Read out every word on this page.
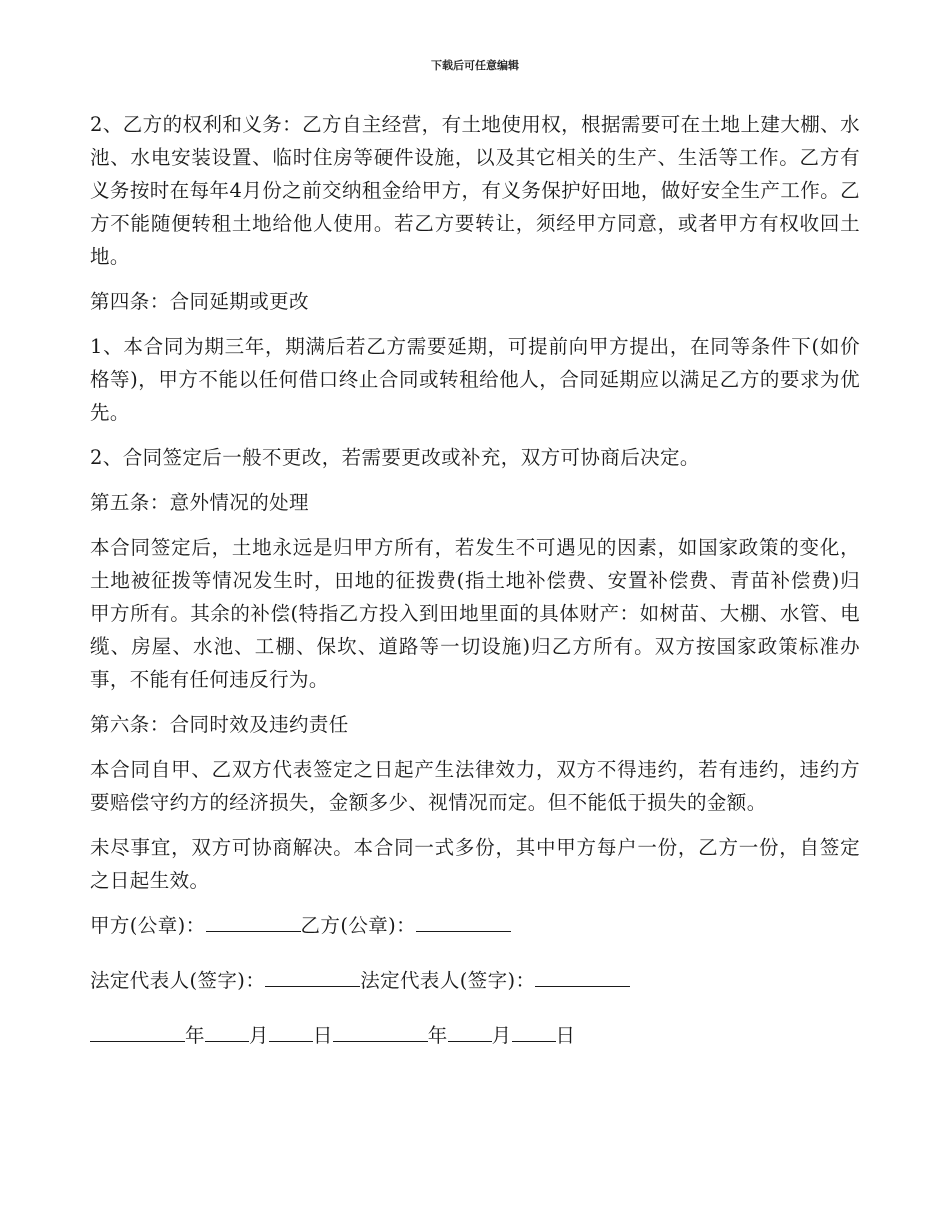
下载后可任意编辑

2、乙方的权利和义务：乙方自主经营，有土地使用权，根据需要可在土地上建大棚、水池、水电安装设置、临时住房等硬件设施，以及其它相关的生产、生活等工作。乙方有义务按时在每年4月份之前交纳租金给甲方，有义务保护好田地，做好安全生产工作。乙方不能随便转租土地给他人使用。若乙方要转让，须经甲方同意，或者甲方有权收回土地。

第四条：合同延期或更改

1、本合同为期三年，期满后若乙方需要延期，可提前向甲方提出，在同等条件下(如价格等)，甲方不能以任何借口终止合同或转租给他人，合同延期应以满足乙方的要求为优先。

2、合同签定后一般不更改，若需要更改或补充，双方可协商后决定。

第五条：意外情况的处理

本合同签定后，土地永远是归甲方所有，若发生不可遇见的因素，如国家政策的变化，土地被征拨等情况发生时，田地的征拨费(指土地补偿费、安置补偿费、青苗补偿费)归甲方所有。其余的补偿(特指乙方投入到田地里面的具体财产：如树苗、大棚、水管、电缆、房屋、水池、工棚、保坎、道路等一切设施)归乙方所有。双方按国家政策标准办事，不能有任何违反行为。

第六条：合同时效及违约责任

本合同自甲、乙双方代表签定之日起产生法律效力，双方不得违约，若有违约，违约方要赔偿守约方的经济损失，金额多少、视情况而定。但不能低于损失的金额。

未尽事宜，双方可协商解决。本合同一式多份，其中甲方每户一份，乙方一份，自签定之日起生效。

甲方(公章)：	乙方(公章)：
法定代表人(签字)：	法定代表人(签字)：
年 月 日	年 月 日
